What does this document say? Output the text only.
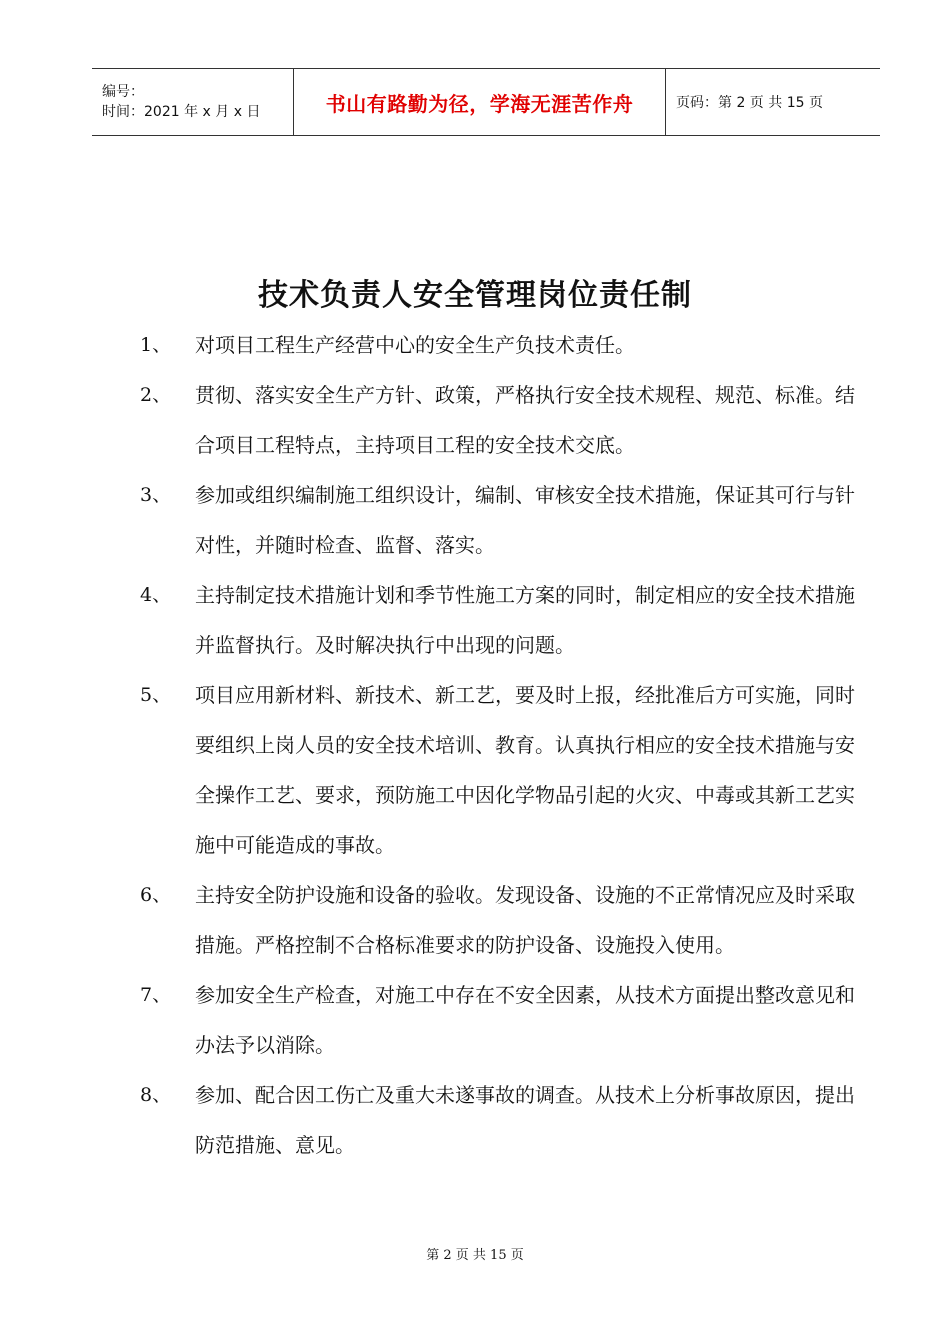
编号：
时间：2021 年 x 月 x 日	书山有路勤为径，学海无涯苦作舟	页码：第 2 页 共 15 页
技术负责人安全管理岗位责任制
1、	对项目工程生产经营中心的安全生产负技术责任。
2、	贯彻、落实安全生产方针、政策，严格执行安全技术规程、规范、标准。结合项目工程特点，主持项目工程的安全技术交底。
3、	参加或组织编制施工组织设计，编制、审核安全技术措施，保证其可行与针对性，并随时检查、监督、落实。
4、	主持制定技术措施计划和季节性施工方案的同时，制定相应的安全技术措施并监督执行。及时解决执行中出现的问题。
5、	项目应用新材料、新技术、新工艺，要及时上报，经批准后方可实施，同时要组织上岗人员的安全技术培训、教育。认真执行相应的安全技术措施与安全操作工艺、要求，预防施工中因化学物品引起的火灾、中毒或其新工艺实施中可能造成的事故。
6、	主持安全防护设施和设备的验收。发现设备、设施的不正常情况应及时采取措施。严格控制不合格标准要求的防护设备、设施投入使用。
7、	参加安全生产检查，对施工中存在不安全因素，从技术方面提出整改意见和办法予以消除。
8、	参加、配合因工伤亡及重大未遂事故的调查。从技术上分析事故原因，提出防范措施、意见。
第 2 页 共 15 页
